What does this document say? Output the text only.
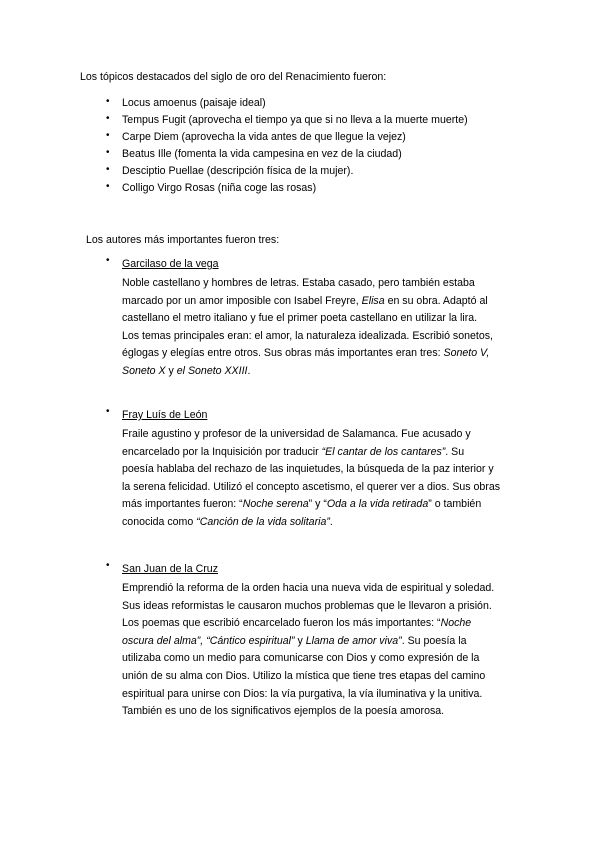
Los tópicos destacados del siglo de oro del Renacimiento fueron:
• Locus amoenus (paisaje ideal)
• Tempus Fugit (aprovecha el tiempo ya que si no lleva a la muerte muerte)
• Carpe Diem (aprovecha la vida antes de que llegue la vejez)
• Beatus Ille (fomenta la vida campesina en vez de la ciudad)
• Desciptio Puellae (descripción física de la mujer).
• Colligo Virgo Rosas (niña coge las rosas)
Los autores más importantes fueron tres:
• Garcilaso de la vega
Noble castellano y hombres de letras. Estaba casado, pero también estaba
marcado por un amor imposible con Isabel Freyre, Elisa en su obra. Adaptó al
castellano el metro italiano y fue el primer poeta castellano en utilizar la lira.
Los temas principales eran: el amor, la naturaleza idealizada. Escribió sonetos,
églogas y elegías entre otros. Sus obras más importantes eran tres: Soneto V,
Soneto X y el Soneto XXIII.
• Fray Luís de León
Fraile agustino y profesor de la universidad de Salamanca. Fue acusado y
encarcelado por la Inquisición por traducir “El cantar de los cantares”. Su
poesía hablaba del rechazo de las inquietudes, la búsqueda de la paz interior y
la serena felicidad. Utilizó el concepto ascetismo, el querer ver a dios. Sus obras
más importantes fueron: “Noche serena” y “Oda a la vida retirada” o también
conocida como “Canción de la vida solitaria”.
• San Juan de la Cruz
Emprendió la reforma de la orden hacia una nueva vida de espiritual y soledad.
Sus ideas reformistas le causaron muchos problemas que le llevaron a prisión.
Los poemas que escribió encarcelado fueron los más importantes: “Noche
oscura del alma”, “Cántico espiritual” y Llama de amor viva”. Su poesía la
utilizaba como un medio para comunicarse con Dios y como expresión de la
unión de su alma con Dios. Utilizo la mística que tiene tres etapas del camino
espiritual para unirse con Dios: la vía purgativa, la vía iluminativa y la unitiva.
También es uno de los significativos ejemplos de la poesía amorosa.
